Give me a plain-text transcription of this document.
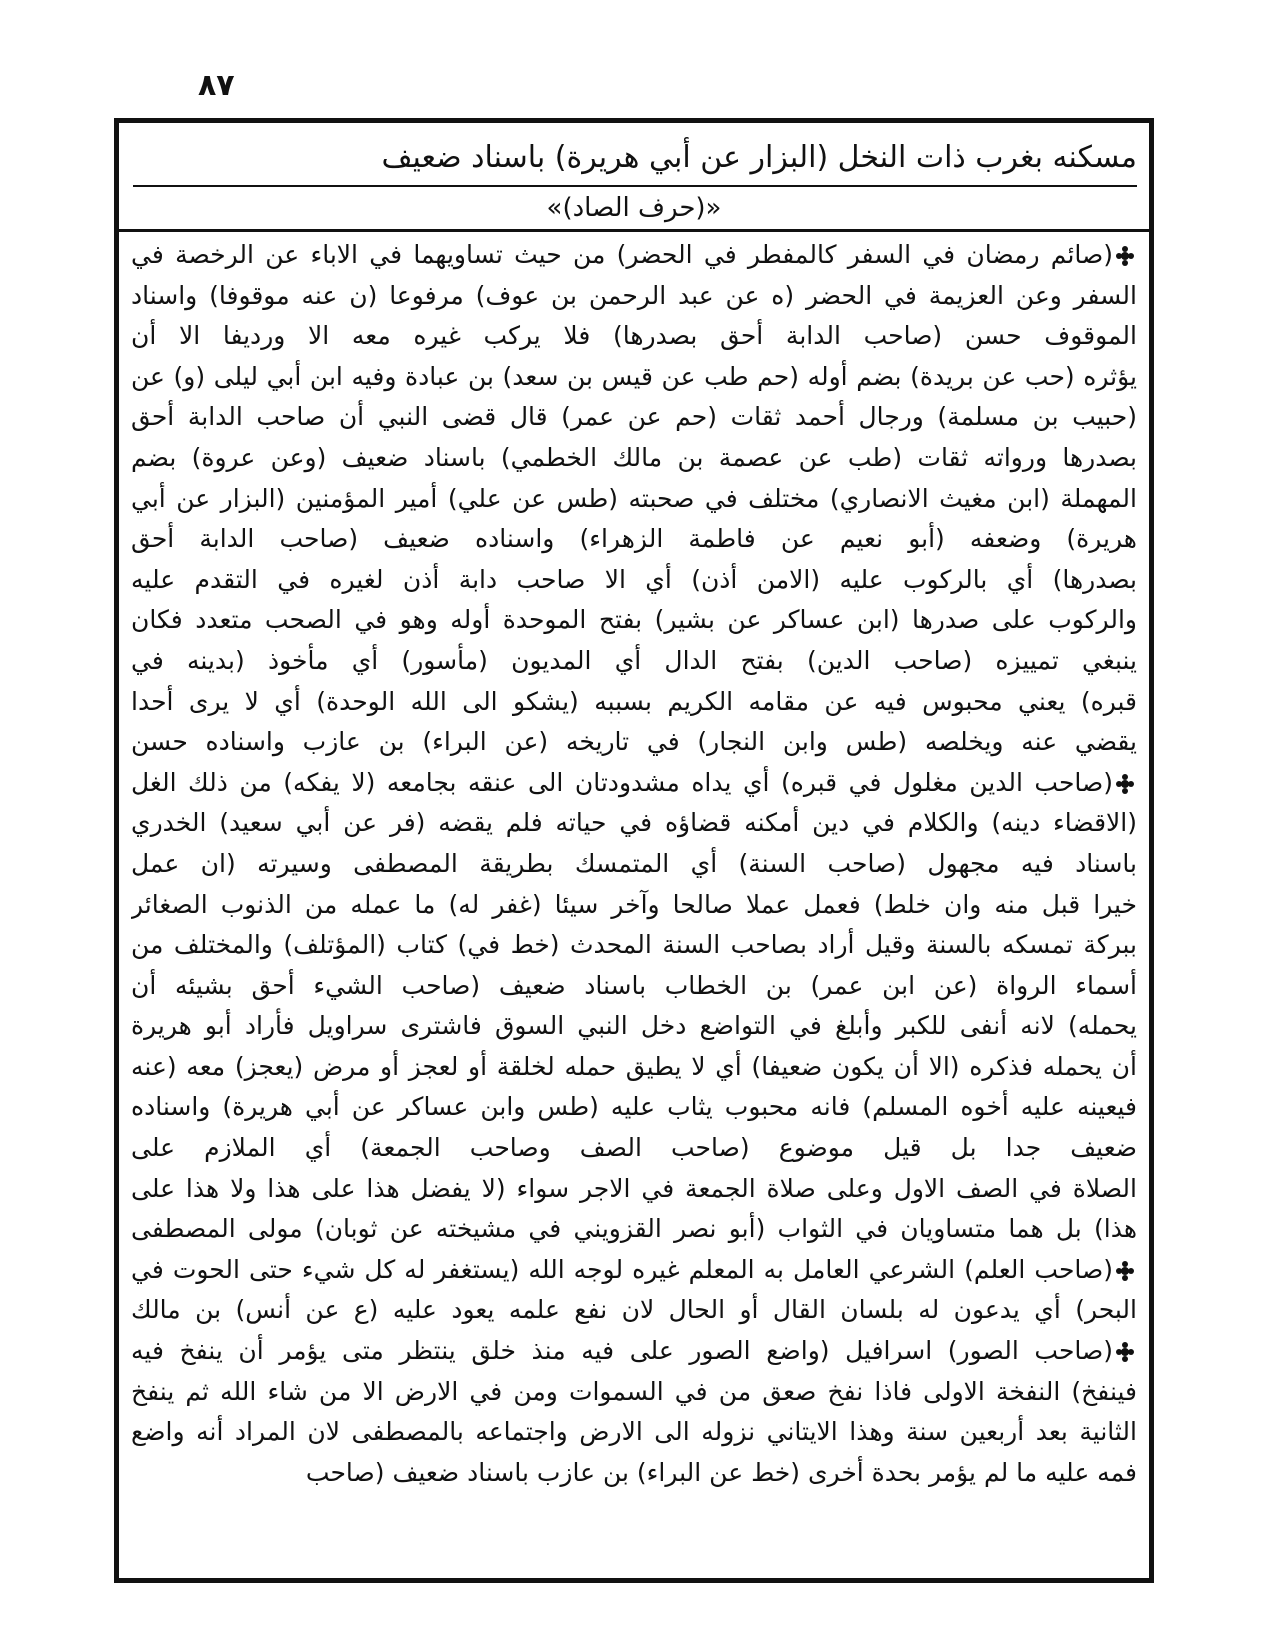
٨٧
مسكنه بغرب ذات النخل (البزار عن أبي هريرة) باسناد ضعيف
«(حرف الصاد)»
(صائم رمضان في السفر كالمفطر في الحضر) من حيث تساويهما في الاباء عن الرخصة في
السفر وعن العزيمة في الحضر (ه عن عبد الرحمن بن عوف) مرفوعا (ن عنه موقوفا) واسناد
الموقوف حسن (صاحب الدابة أحق بصدرها) فلا يركب غيره معه الا ورديفا الا أن
يؤثره (حب عن بريدة) بضم أوله (حم طب عن قيس بن سعد) بن عبادة وفيه ابن أبي ليلى (و) عن
(حبيب بن مسلمة) ورجال أحمد ثقات (حم عن عمر) قال قضى النبي أن صاحب الدابة أحق
بصدرها ورواته ثقات (طب عن عصمة بن مالك الخطمي) باسناد ضعيف (وعن عروة) بضم
المهملة (ابن مغيث الانصاري) مختلف في صحبته (طس عن علي) أمير المؤمنين (البزار عن أبي
هريرة) وضعفه (أبو نعيم عن فاطمة الزهراء) واسناده ضعيف (صاحب الدابة أحق
بصدرها) أي بالركوب عليه (الامن أذن) أي الا صاحب دابة أذن لغيره في التقدم عليه
والركوب على صدرها (ابن عساكر عن بشير) بفتح الموحدة أوله وهو في الصحب متعدد فكان
ينبغي تمييزه (صاحب الدين) بفتح الدال أي المديون (مأسور) أي مأخوذ (بدينه في
قبره) يعني محبوس فيه عن مقامه الكريم بسببه (يشكو الى الله الوحدة) أي لا يرى أحدا
يقضي عنه ويخلصه (طس وابن النجار) في تاريخه (عن البراء) بن عازب واسناده حسن
(صاحب الدين مغلول في قبره) أي يداه مشدودتان الى عنقه بجامعه (لا يفكه) من ذلك الغل
(الاقضاء دينه) والكلام في دين أمكنه قضاؤه في حياته فلم يقضه (فر عن أبي سعيد) الخدري
باسناد فيه مجهول (صاحب السنة) أي المتمسك بطريقة المصطفى وسيرته (ان عمل
خيرا قبل منه وان خلط) فعمل عملا صالحا وآخر سيئا (غفر له) ما عمله من الذنوب الصغائر
ببركة تمسكه بالسنة وقيل أراد بصاحب السنة المحدث (خط في) كتاب (المؤتلف) والمختلف من
أسماء الرواة (عن ابن عمر) بن الخطاب باسناد ضعيف (صاحب الشيء أحق بشيئه أن
يحمله) لانه أنفى للكبر وأبلغ في التواضع دخل النبي السوق فاشترى سراويل فأراد أبو هريرة
أن يحمله فذكره (الا أن يكون ضعيفا) أي لا يطيق حمله لخلقة أو لعجز أو مرض (يعجز) معه (عنه
فيعينه عليه أخوه المسلم) فانه محبوب يثاب عليه (طس وابن عساكر عن أبي هريرة) واسناده
ضعيف جدا بل قيل موضوع (صاحب الصف وصاحب الجمعة) أي الملازم على
الصلاة في الصف الاول وعلى صلاة الجمعة في الاجر سواء (لا يفضل هذا على هذا ولا هذا على
هذا) بل هما متساويان في الثواب (أبو نصر القزويني في مشيخته عن ثوبان) مولى المصطفى
(صاحب العلم) الشرعي العامل به المعلم غيره لوجه الله (يستغفر له كل شيء حتى الحوت في
البحر) أي يدعون له بلسان القال أو الحال لان نفع علمه يعود عليه (ع عن أنس) بن مالك
(صاحب الصور) اسرافيل (واضع الصور على فيه منذ خلق ينتظر متى يؤمر أن ينفخ فيه
فينفخ) النفخة الاولى فاذا نفخ صعق من في السموات ومن في الارض الا من شاء الله ثم ينفخ
الثانية بعد أربعين سنة وهذا الايتاني نزوله الى الارض واجتماعه بالمصطفى لان المراد أنه واضع
فمه عليه ما لم يؤمر بحدة أخرى (خط عن البراء) بن عازب باسناد ضعيف (صاحب
